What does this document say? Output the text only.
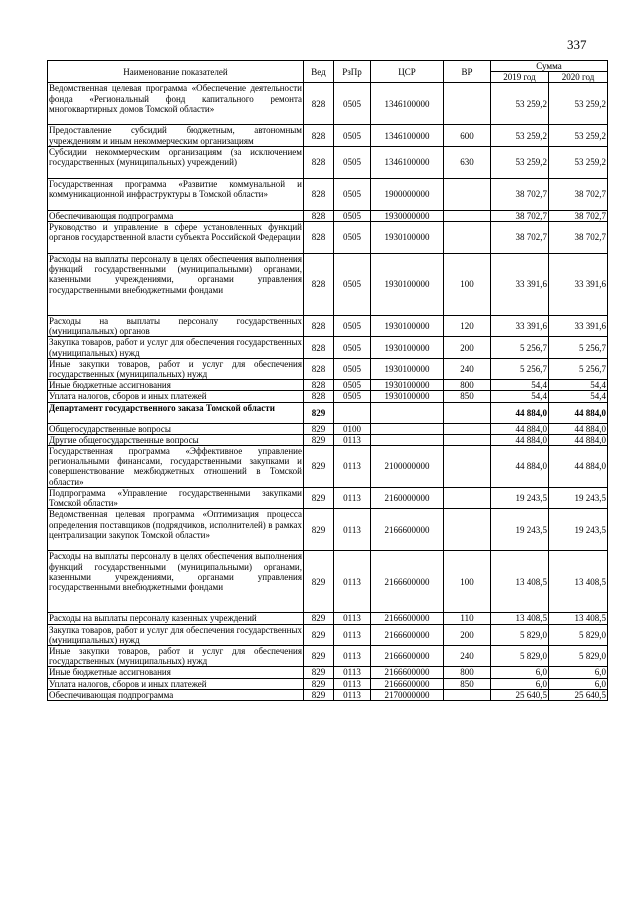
337
Наименование показателей	Вед	РзПр	ЦСР	ВР	Сумма	
					2019 год	2020 год
Ведомственная целевая программа «Обеспечение деятельности фонда «Региональный фонд капитального ремонта многоквартирных домов Томской области»	828	0505	1346100000		53 259,2	53 259,2
Предоставление субсидий бюджетным, автономным учреждениям и иным некоммерческим организациям	828	0505	1346100000	600	53 259,2	53 259,2
Субсидии некоммерческим организациям (за исключением государственных (муниципальных) учреждений)	828	0505	1346100000	630	53 259,2	53 259,2
Государственная программа «Развитие коммунальной и коммуникационной инфраструктуры в Томской области»	828	0505	1900000000		38 702,7	38 702,7
Обеспечивающая подпрограмма	828	0505	1930000000		38 702,7	38 702,7
Руководство и управление в сфере установленных функций органов государственной власти субъекта Российской Федерации	828	0505	1930100000		38 702,7	38 702,7
Расходы на выплаты персоналу в целях обеспечения выполнения функций государственными (муниципальными) органами, казенными учреждениями, органами управления государственными внебюджетными фондами	828	0505	1930100000	100	33 391,6	33 391,6
Расходы на выплаты персоналу государственных (муниципальных) органов	828	0505	1930100000	120	33 391,6	33 391,6
Закупка товаров, работ и услуг для обеспечения государственных (муниципальных) нужд	828	0505	1930100000	200	5 256,7	5 256,7
Иные закупки товаров, работ и услуг для обеспечения государственных (муниципальных) нужд	828	0505	1930100000	240	5 256,7	5 256,7
Иные бюджетные ассигнования	828	0505	1930100000	800	54,4	54,4
Уплата налогов, сборов и иных платежей	828	0505	1930100000	850	54,4	54,4
Департамент государственного заказа Томской области	829				44 884,0	44 884,0
Общегосударственные вопросы	829	0100			44 884,0	44 884,0
Другие общегосударственные вопросы	829	0113			44 884,0	44 884,0
Государственная программа «Эффективное управление региональными финансами, государственными закупками и совершенствование межбюджетных отношений в Томской области»	829	0113	2100000000		44 884,0	44 884,0
Подпрограмма «Управление государственными закупками Томской области»	829	0113	2160000000		19 243,5	19 243,5
Ведомственная целевая программа «Оптимизация процесса определения поставщиков (подрядчиков, исполнителей) в рамках централизации закупок Томской области»	829	0113	2166600000		19 243,5	19 243,5
Расходы на выплаты персоналу в целях обеспечения выполнения функций государственными (муниципальными) органами, казенными учреждениями, органами управления государственными внебюджетными фондами	829	0113	2166600000	100	13 408,5	13 408,5
Расходы на выплаты персоналу казенных учреждений	829	0113	2166600000	110	13 408,5	13 408,5
Закупка товаров, работ и услуг для обеспечения государственных (муниципальных) нужд	829	0113	2166600000	200	5 829,0	5 829,0
Иные закупки товаров, работ и услуг для обеспечения государственных (муниципальных) нужд	829	0113	2166600000	240	5 829,0	5 829,0
Иные бюджетные ассигнования	829	0113	2166600000	800	6,0	6,0
Уплата налогов, сборов и иных платежей	829	0113	2166600000	850	6,0	6,0
Обеспечивающая подпрограмма	829	0113	2170000000		25 640,5	25 640,5
